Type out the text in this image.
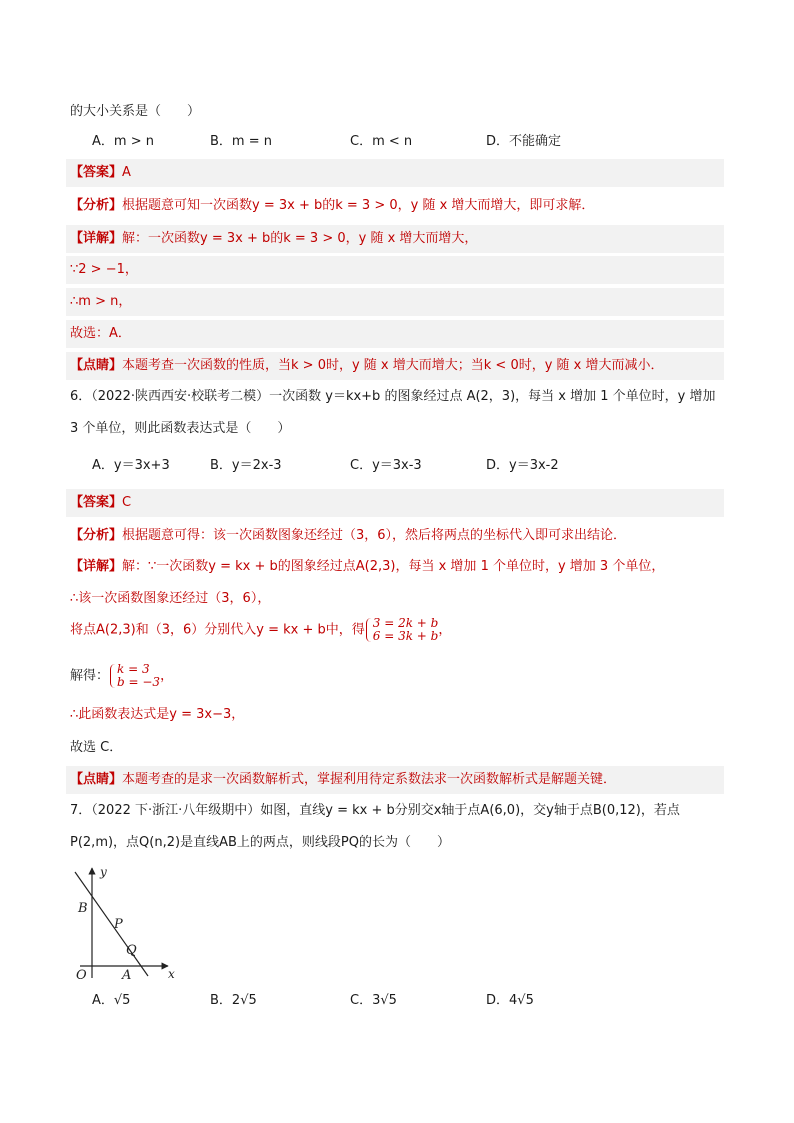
的大小关系是（　　）
A．m > n	B．m = n	C．m < n	D．不能确定
【答案】A
【分析】根据题意可知一次函数y = 3x + b的k = 3 > 0，y 随 x 增大而增大，即可求解．
【详解】解：一次函数y = 3x + b的k = 3 > 0，y 随 x 增大而增大，
∵2 > −1，
∴m > n，
故选：A．
【点睛】本题考查一次函数的性质，当k > 0时，y 随 x 增大而增大；当k < 0时，y 随 x 增大而减小．
6．（2022·陕西西安·校联考二模）一次函数 y＝kx+b 的图象经过点 A(2，3)，每当 x 增加 1 个单位时，y 增加
3 个单位，则此函数表达式是（　　）
A．y＝3x+3	B．y＝2x-3	C．y＝3x-3	D．y＝3x-2
【答案】C
【分析】根据题意可得：该一次函数图象还经过（3，6），然后将两点的坐标代入即可求出结论．
【详解】解：∵一次函数y = kx + b的图象经过点A(2,3)，每当 x 增加 1 个单位时，y 增加 3 个单位，
∴该一次函数图象还经过（3，6），
将点A(2,3)和（3，6）分别代入y = kx + b中，得 3 = 2k + b
6 = 3k + b ，
解得： k = 3
b = −3 ，
∴此函数表达式是y = 3x−3，
故选 C．
【点睛】本题考查的是求一次函数解析式，掌握利用待定系数法求一次函数解析式是解题关键．
7．（2022 下·浙江·八年级期中）如图，直线y = kx + b分别交x轴于点A(6,0)，交y轴于点B(0,12)，若点
P(2,m)，点Q(n,2)是直线AB上的两点，则线段PQ的长为（　　）
y
B
P
Q
O	A	x
A．√5	B．2√5	C．3√5	D．4√5
